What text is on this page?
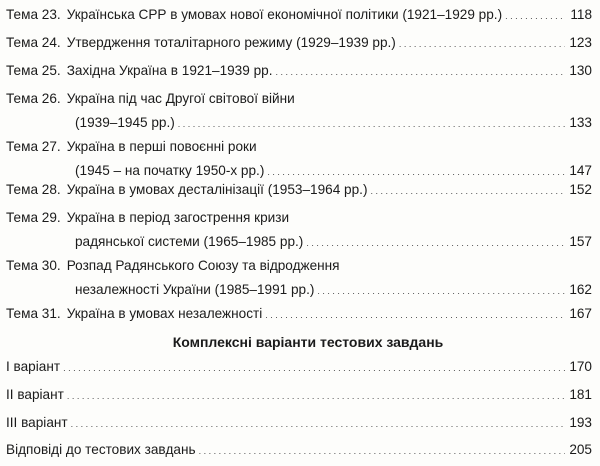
Тема 23. Українська СРР в умовах нової економічної політики (1921–1929 рр.) . . .	118
Тема 24. Утвердження тоталітарного режиму (1929–1939 рр.) . . .	123
Тема 25. Західна Україна в 1921–1939 рр. . . .	130
Тема 26. Україна під час Другої світової війни
(1939–1945 рр.) . . .	133
Тема 27. Україна в перші повоєнні роки
(1945 – на початку 1950-х рр.) . . .	147
Тема 28. Україна в умовах десталінізації (1953–1964 рр.) . . .	152
Тема 29. Україна в період загострення кризи
радянської системи (1965–1985 рр.) . . .	157
Тема 30. Розпад Радянського Союзу та відродження
незалежності України (1985–1991 рр.) . . .	162
Тема 31. Україна в умовах незалежності . . .	167
Комплексні варіанти тестових завдань
І варіант . . .	170
ІІ варіант . . .	181
ІІІ варіант . . .	193
Відповіді до тестових завдань . . .	205
